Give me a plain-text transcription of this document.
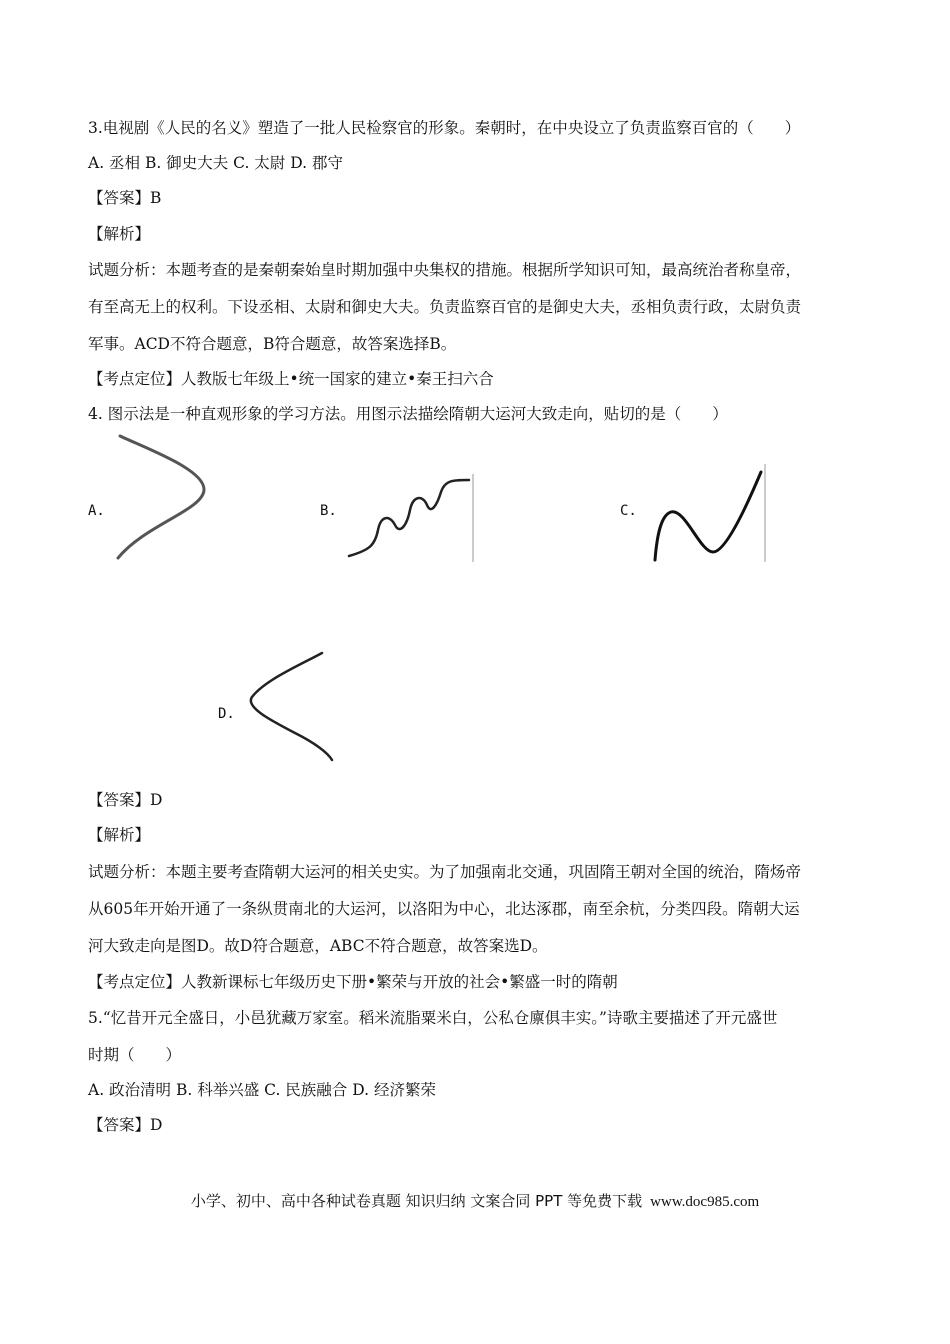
3.电视剧《人民的名义》塑造了一批人民检察官的形象。秦朝时，在中央设立了负责监察百官的（　　）
A. 丞相 B. 御史大夫 C. 太尉 D. 郡守
【答案】B
【解析】
试题分析：本题考查的是秦朝秦始皇时期加强中央集权的措施。根据所学知识可知，最高统治者称皇帝，
有至高无上的权利。下设丞相、太尉和御史大夫。负责监察百官的是御史大夫，丞相负责行政，太尉负责
军事。ACD不符合题意，B符合题意，故答案选择B。
【考点定位】人教版七年级上•统一国家的建立•秦王扫六合
4. 图示法是一种直观形象的学习方法。用图示法描绘隋朝大运河大致走向，贴切的是（　　）
A.	B.	C.
D.
【答案】D
【解析】
试题分析：本题主要考查隋朝大运河的相关史实。为了加强南北交通，巩固隋王朝对全国的统治，隋炀帝
从605年开始开通了一条纵贯南北的大运河，以洛阳为中心，北达涿郡，南至余杭，分类四段。隋朝大运
河大致走向是图D。故D符合题意，ABC不符合题意，故答案选D。
【考点定位】人教新课标七年级历史下册•繁荣与开放的社会•繁盛一时的隋朝
5.“忆昔开元全盛日，小邑犹藏万家室。稻米流脂粟米白，公私仓廪俱丰实。”诗歌主要描述了开元盛世
时期（　　）
A. 政治清明 B. 科举兴盛 C. 民族融合 D. 经济繁荣
【答案】D
小学、初中、高中各种试卷真题 知识归纳 文案合同 PPT 等免费下载 www.doc985.com
